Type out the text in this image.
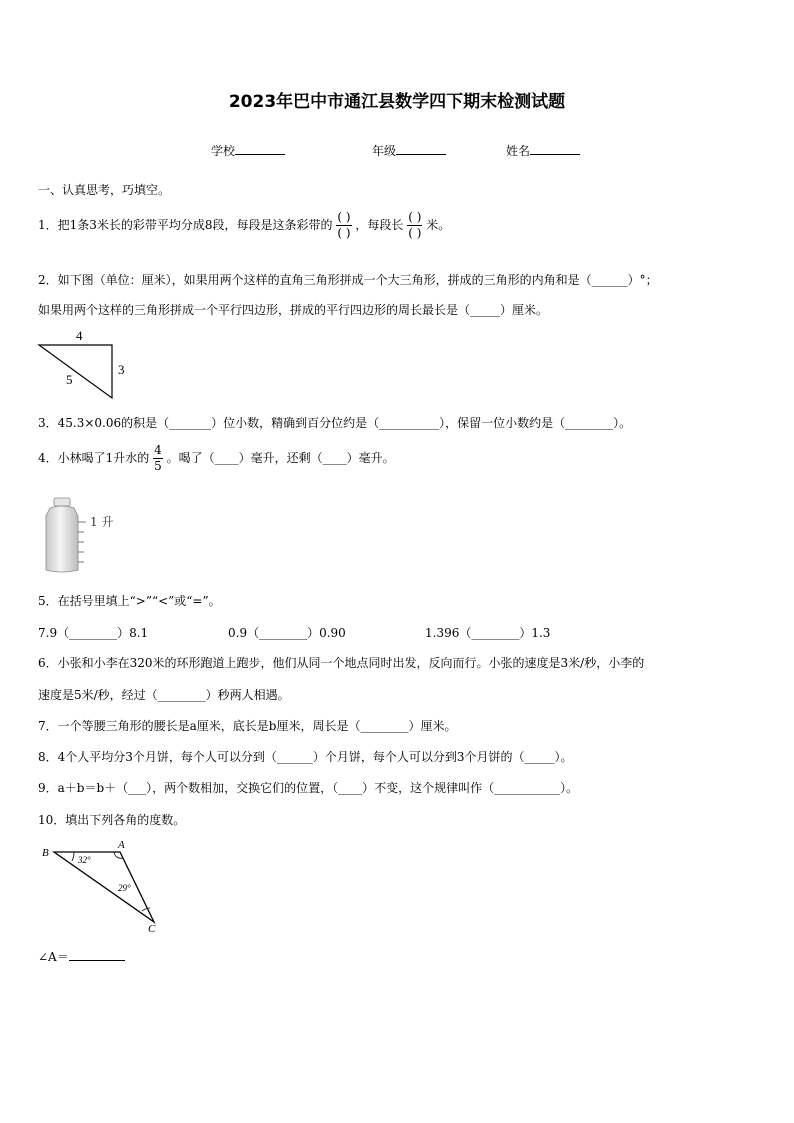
2023年巴中市通江县数学四下期末检测试题
学校	年级	姓名
一、认真思考，巧填空。
1．把1条3米长的彩带平均分成8段，每段是这条彩带的 $\frac{( )}{( )}$ ，每段长 $\frac{( )}{( )}$ 米。
2．如下图（单位：厘米），如果用两个这样的直角三角形拼成一个大三角形，拼成的三角形的内角和是（______）°；
如果用两个这样的三角形拼成一个平行四边形，拼成的平行四边形的周长最长是（_____）厘米。
4
5
3
3．45.3×0.06的积是（_______）位小数，精确到百分位约是（__________），保留一位小数约是（________）。
4．小林喝了1升水的 $\frac{4}{5}$ 。喝了（____）毫升，还剩（____）毫升。
1 升
5．在括号里填上“>”“<”或“=”。
7.9（________）8.1	0.9（________）0.90	1.396（________）1.3
6．小张和小李在320米的环形跑道上跑步，他们从同一个地点同时出发，反向而行。小张的速度是3米/秒，小李的
速度是5米/秒，经过（________）秒两人相遇。
7．一个等腰三角形的腰长是a厘米，底长是b厘米，周长是（________）厘米。
8．4个人平均分3个月饼，每个人可以分到（______）个月饼，每个人可以分到3个月饼的（_____）。
9．a＋b＝b＋（___），两个数相加，交换它们的位置，（____）不变，这个规律叫作（___________）。
10．填出下列各角的度数。
B
A
C
32°
29°
∠A＝
